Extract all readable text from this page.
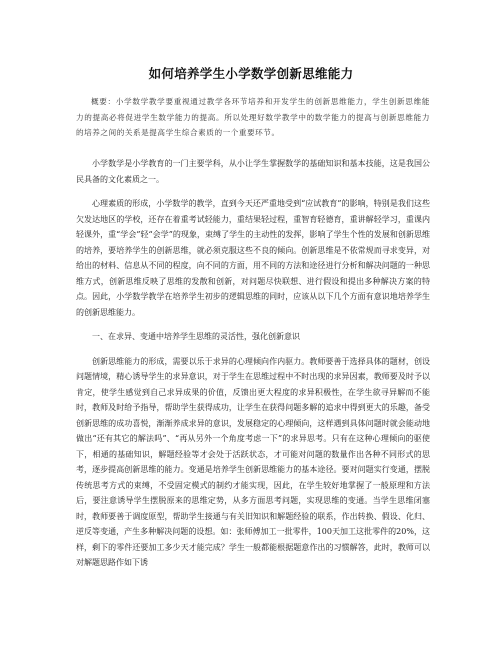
如何培养学生小学数学创新思维能力
概要：小学数学教学要重视通过教学各环节培养和开发学生的创新思维能力，学生创新思维能力的提高必将促进学生数学能力的提高。所以处理好数学教学中的数学能力的提高与创新思维能力的培养之间的关系是提高学生综合素质的一个重要环节。

小学数学是小学教育的一门主要学科，从小让学生掌握数学的基础知识和基本技能，这是我国公民具备的文化素质之一。

心理素质的形成，小学数学的教学，直到今天还严重地受到“应试教育”的影响，特别是我们这些欠发达地区的学校，还存在着重考试轻能力，重结果轻过程，重智育轻德育，重讲解轻学习，重课内轻课外，重“学会”轻“会学”的现象，束缚了学生的主动性的发挥，影响了学生个性的发展和创新思维的培养，要培养学生的创新思维，就必须克服这些不良的倾向。创新思维是不依常规而寻求变异，对给出的材料、信息从不同的程度，向不同的方面，用不同的方法和途径进行分析和解决问题的一种思维方式，创新思维反映了思维的发散和创新，对问题尽快联想、进行假设和提出多种解决方案的特点。因此，小学数学教学在培养学生初步的逻辑思维的同时，应该从以下几个方面有意识地培养学生的创新思维能力。

一、在求异、变通中培养学生思维的灵活性，强化创新意识

创新思维能力的形成，需要以乐于求异的心理倾向作内驱力。教师要善于选择具体的题材，创设问题情境，精心诱导学生的求异意识，对于学生在思维过程中不时出现的求异因素，教师要及时予以肯定，使学生感觉到自己求异成果的价值，反馈出更大程度的求异积极性，在学生欲寻异解而不能时，教师及时给予指导，帮助学生获得成功，让学生在获得问题多解的追求中得到更大的乐趣，备受创新思维的成功喜悦，渐渐养成求异的意识，发展稳定的心理倾向，这样遇到具体问题时就会能动地做出“还有其它的解法吗”、“再从另外一个角度考虑一下”的求异思考。只有在这种心理倾向的驱使下，相通的基础知识，解题经验等才会处于活跃状态，才可能对问题的数量作出各种不同形式的思考，逐步提高创新思维的能力。变通是培养学生创新思维能力的基本途径。要对问题实行变通，摆脱传统思考方式的束缚，不受固定模式的制约才能实现，因此，在学生较好地掌握了一般原理和方法后，要注意诱导学生摆脱原来的思维定势，从多方面思考问题，实现思维的变通。当学生思维闭塞时，教师要善于调度原型，帮助学生接通与有关旧知识和解题经验的联系，作出转换、假设、化归、逆反等变通，产生多种解决问题的设想。如：张师傅加工一批零件，100天加工这批零件的20%，这样，剩下的零件还要加工多少天才能完成？学生一般都能根据题意作出的习惯解答，此时，教师可以对解题思路作如下诱
